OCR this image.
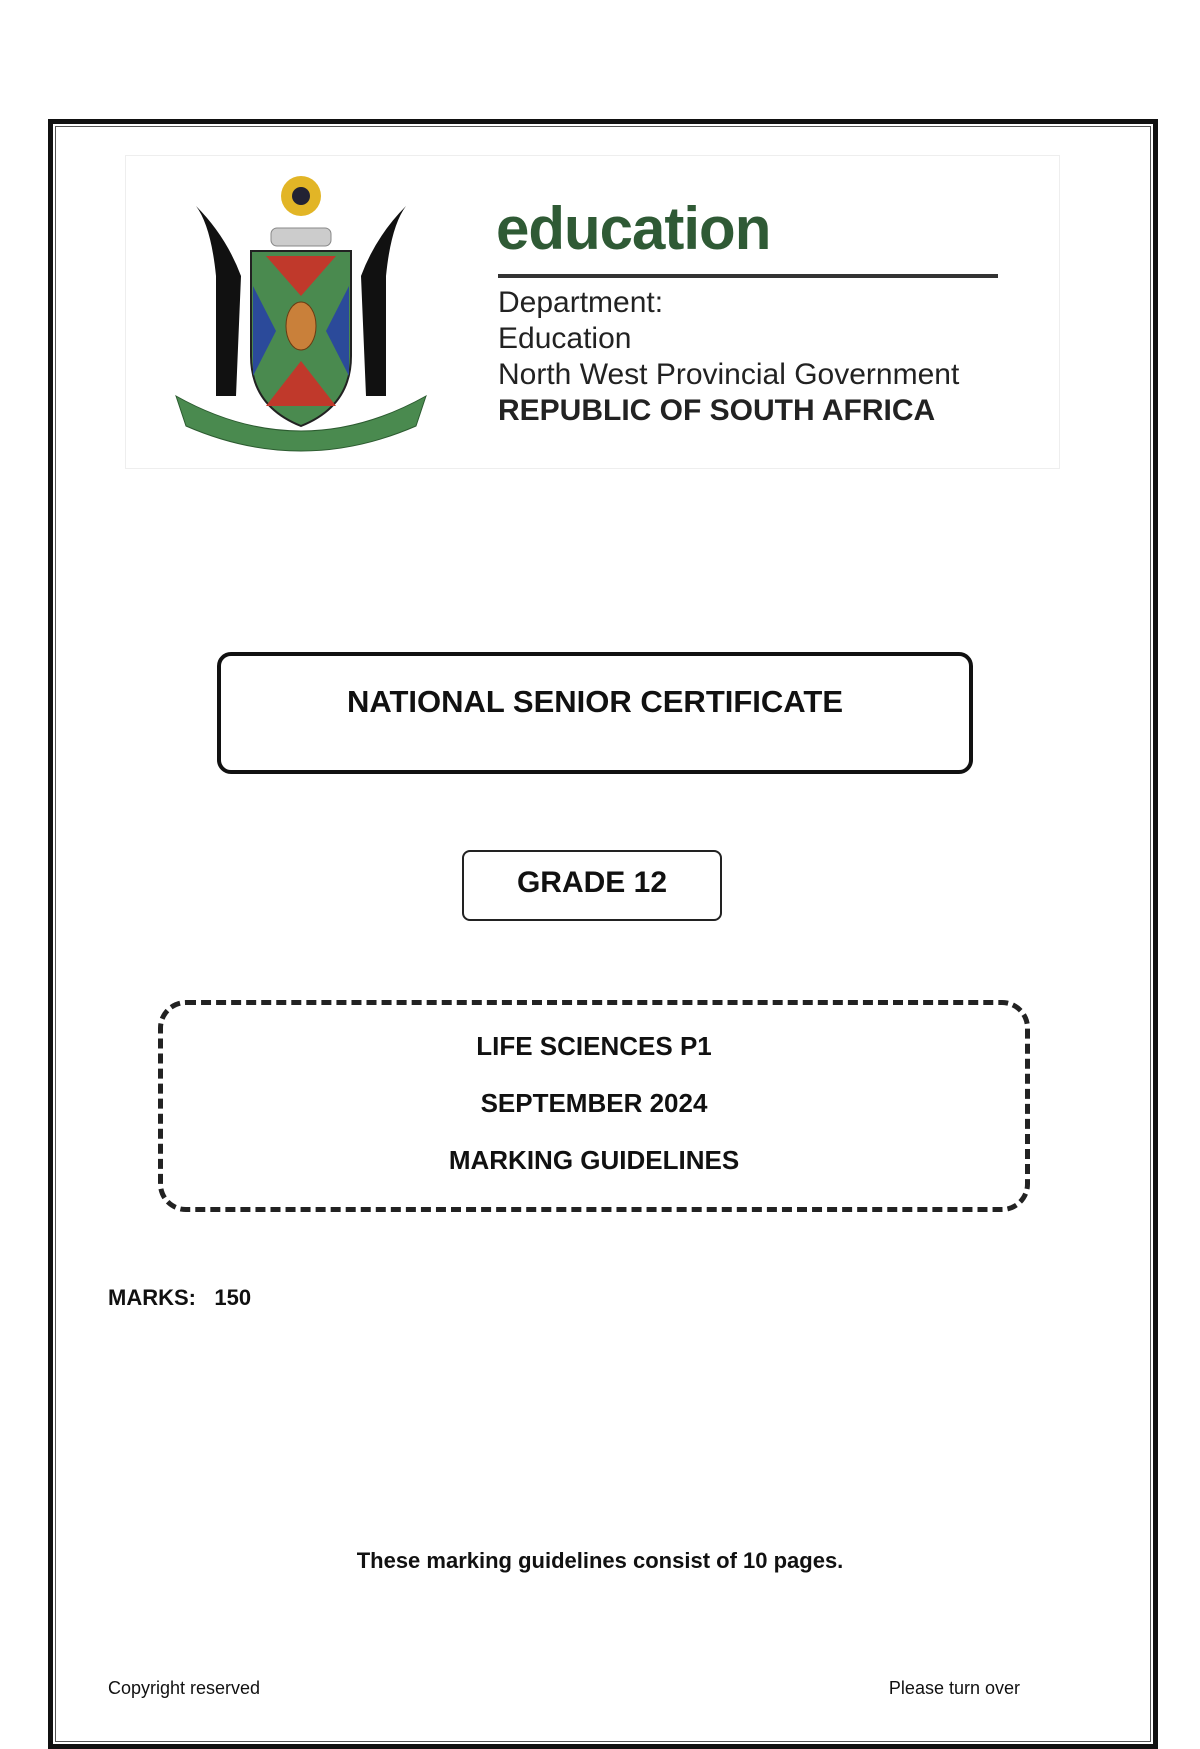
education
Department:
Education
North West Provincial Government
REPUBLIC OF SOUTH AFRICA
NATIONAL SENIOR CERTIFICATE
GRADE 12
LIFE SCIENCES P1
SEPTEMBER 2024
MARKING GUIDELINES
MARKS: 150
These marking guidelines consist of 10 pages.
Copyright reserved	Please turn over
